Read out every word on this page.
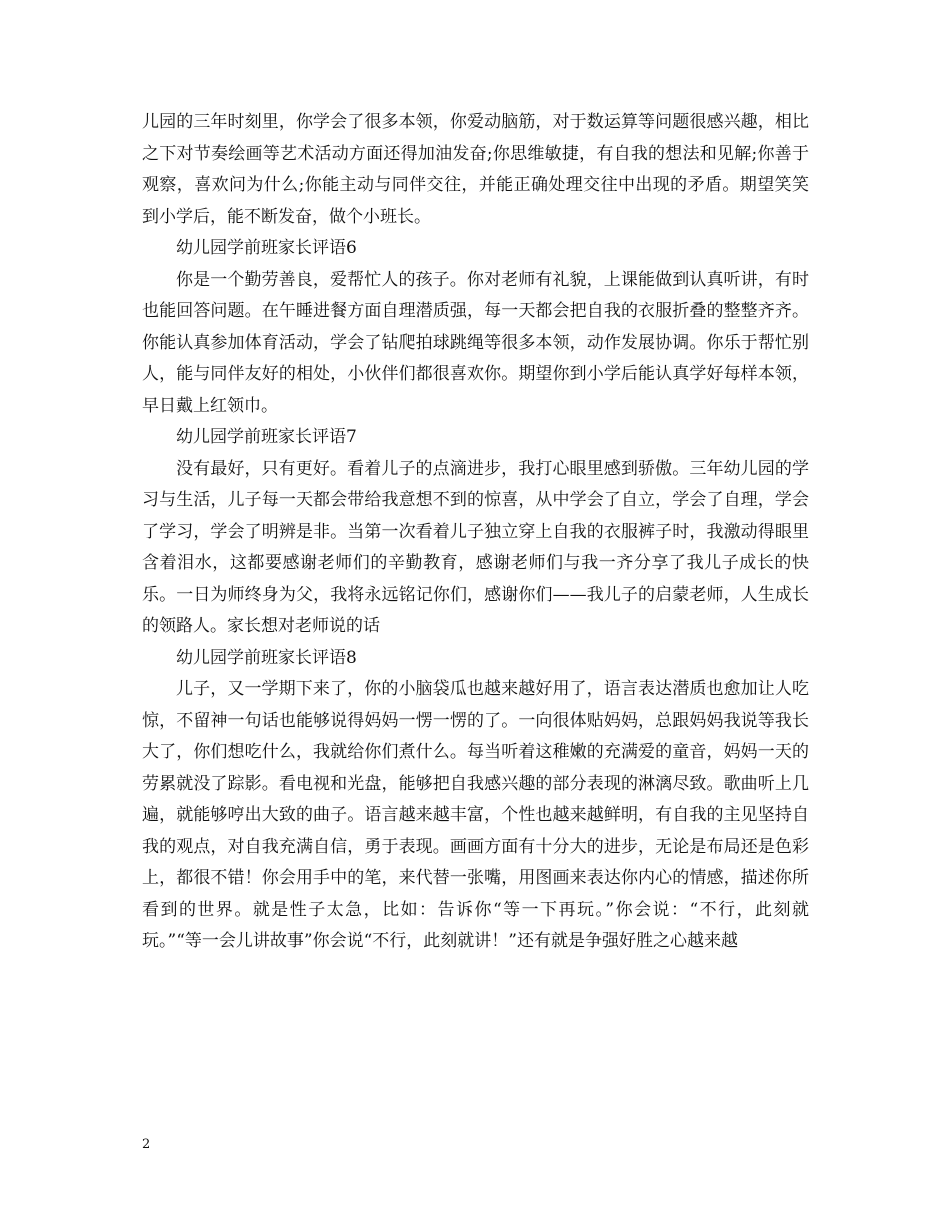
儿园的三年时刻里，你学会了很多本领，你爱动脑筋，对于数运算等问题很感兴趣，相比之下对节奏绘画等艺术活动方面还得加油发奋;你思维敏捷，有自我的想法和见解;你善于观察，喜欢问为什么;你能主动与同伴交往，并能正确处理交往中出现的矛盾。期望笑笑到小学后，能不断发奋，做个小班长。

幼儿园学前班家长评语6

你是一个勤劳善良，爱帮忙人的孩子。你对老师有礼貌，上课能做到认真听讲，有时也能回答问题。在午睡进餐方面自理潜质强，每一天都会把自我的衣服折叠的整整齐齐。你能认真参加体育活动，学会了钻爬拍球跳绳等很多本领，动作发展协调。你乐于帮忙别人，能与同伴友好的相处，小伙伴们都很喜欢你。期望你到小学后能认真学好每样本领，早日戴上红领巾。

幼儿园学前班家长评语7

没有最好，只有更好。看着儿子的点滴进步，我打心眼里感到骄傲。三年幼儿园的学习与生活，儿子每一天都会带给我意想不到的惊喜，从中学会了自立，学会了自理，学会了学习，学会了明辨是非。当第一次看着儿子独立穿上自我的衣服裤子时，我激动得眼里含着泪水，这都要感谢老师们的辛勤教育，感谢老师们与我一齐分享了我儿子成长的快乐。一日为师终身为父，我将永远铭记你们，感谢你们——我儿子的启蒙老师，人生成长的领路人。家长想对老师说的话

幼儿园学前班家长评语8

儿子，又一学期下来了，你的小脑袋瓜也越来越好用了，语言表达潜质也愈加让人吃惊，不留神一句话也能够说得妈妈一愣一愣的了。一向很体贴妈妈，总跟妈妈我说等我长大了，你们想吃什么，我就给你们煮什么。每当听着这稚嫩的充满爱的童音，妈妈一天的劳累就没了踪影。看电视和光盘，能够把自我感兴趣的部分表现的淋漓尽致。歌曲听上几遍，就能够哼出大致的曲子。语言越来越丰富，个性也越来越鲜明，有自我的主见坚持自我的观点，对自我充满自信，勇于表现。画画方面有十分大的进步，无论是布局还是色彩上，都很不错！你会用手中的笔，来代替一张嘴，用图画来表达你内心的情感，描述你所看到的世界。就是性子太急，比如：告诉你“等一下再玩。”你会说：“不行，此刻就玩。”“等一会儿讲故事”你会说“不行，此刻就讲！”还有就是争强好胜之心越来越

2
